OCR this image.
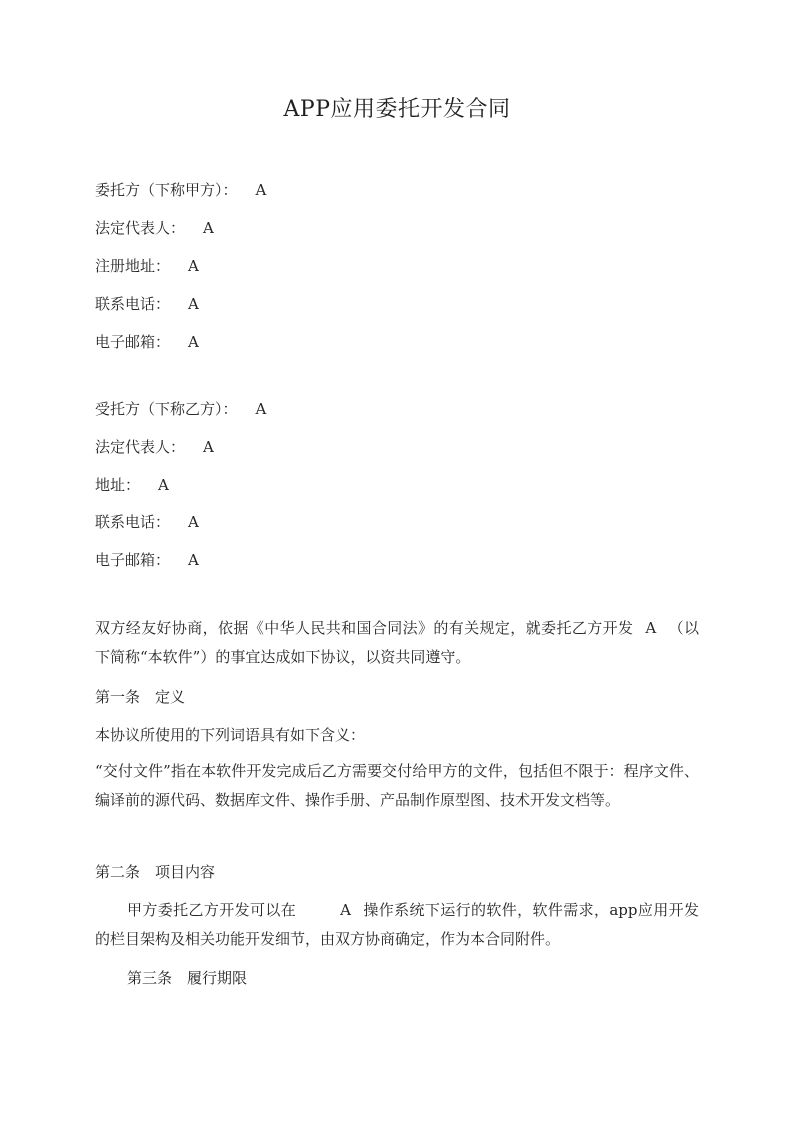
APP应用委托开发合同
委托方（下称甲方）： A
法定代表人： A
注册地址： A
联系电话： A
电子邮箱： A
受托方（下称乙方）： A
法定代表人： A
地址： A
联系电话： A
电子邮箱： A
双方经友好协商，依据《中华人民共和国合同法》的有关规定，就委托乙方开发 A （以下简称“本软件”）的事宜达成如下协议，以资共同遵守。
第一条　定义
本协议所使用的下列词语具有如下含义：
“交付文件”指在本软件开发完成后乙方需要交付给甲方的文件，包括但不限于：程序文件、编译前的源代码、数据库文件、操作手册、产品制作原型图、技术开发文档等。
第二条　项目内容
甲方委托乙方开发可以在	A 操作系统下运行的软件，软件需求，app应用开发的栏目架构及相关功能开发细节，由双方协商确定，作为本合同附件。
第三条　履行期限
